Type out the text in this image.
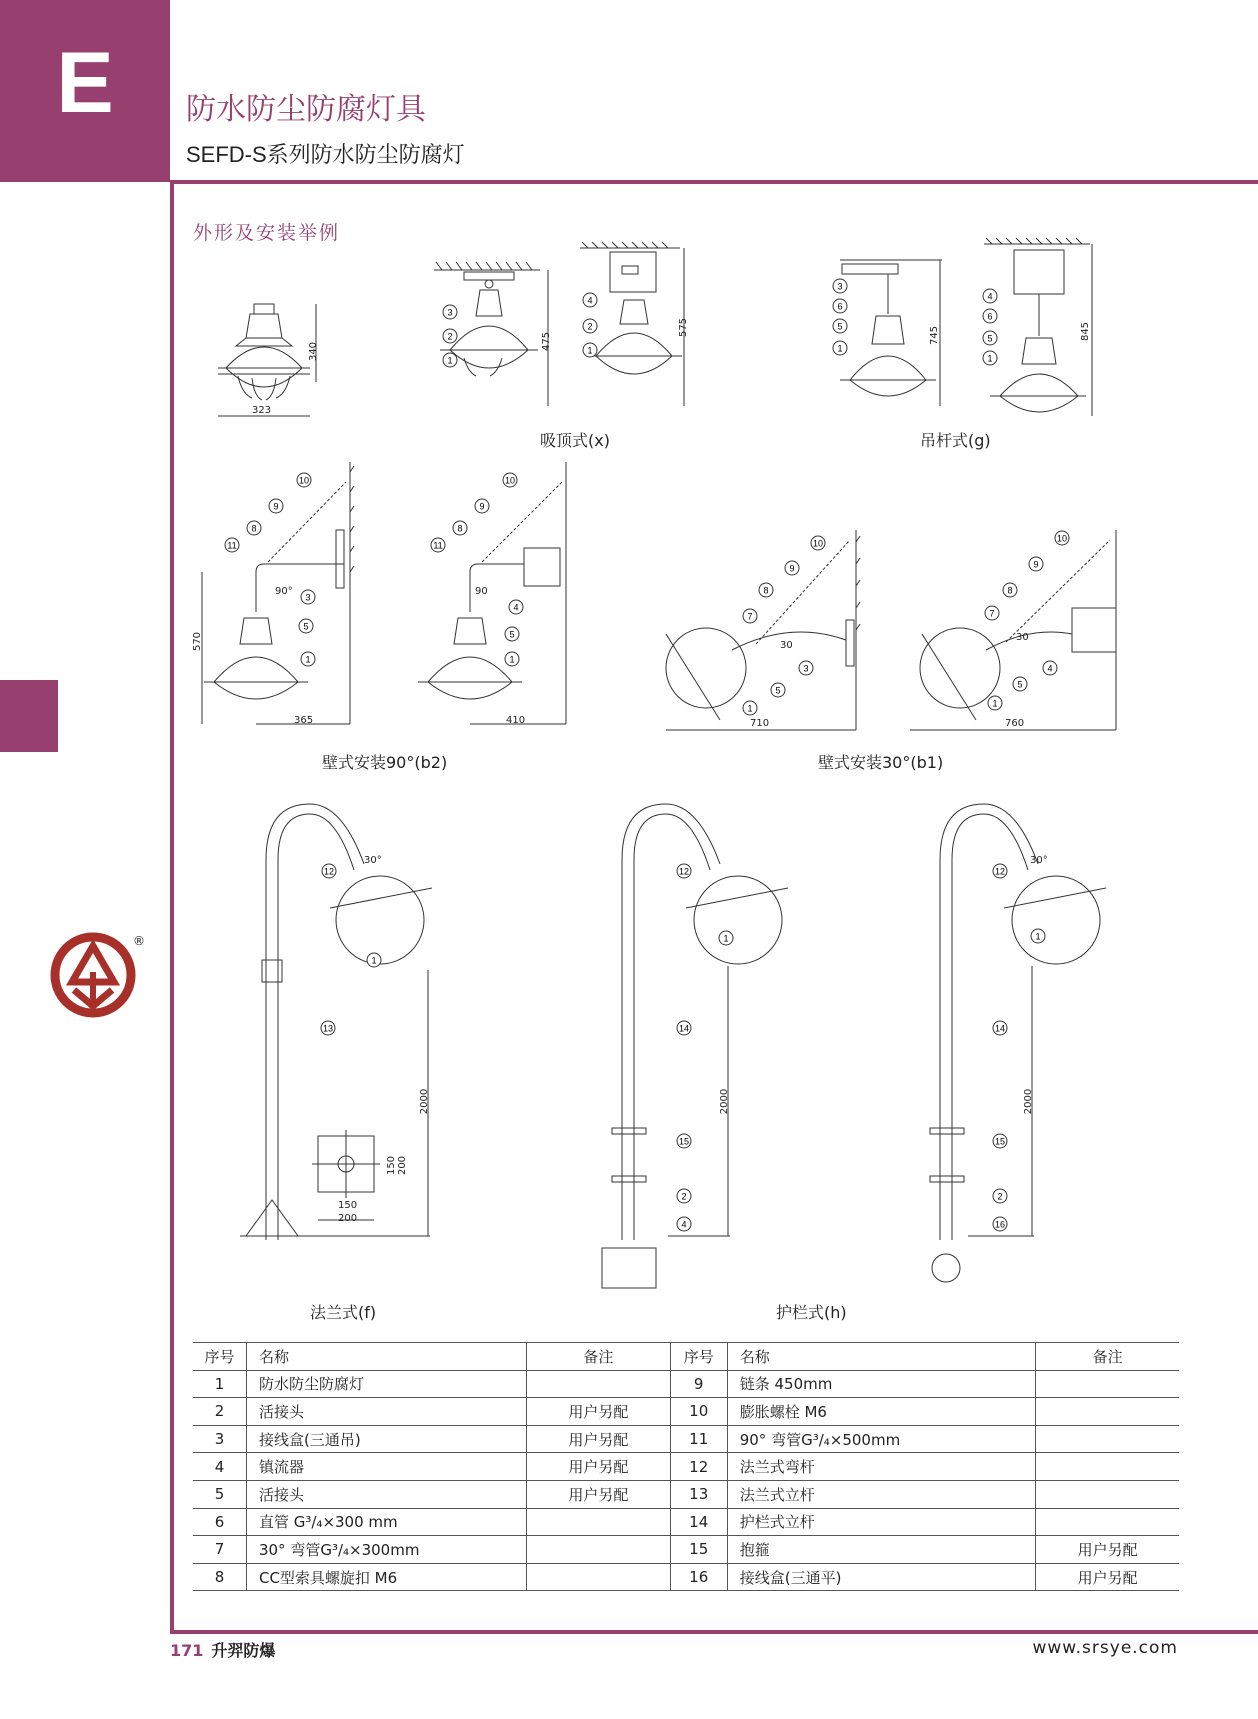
E	防水防尘防腐灯具
SEFD-S系列防水防尘防腐灯
外形及安装举例
®
340
323
475
575
吸顶式(x)
745	845
吊杆式(g)
570
365	410
90°	90
壁式安装90°(b2)
710	760
30
30
壁式安装30°(b1)
2000
30°
150
200
150 200
法兰式(f)
2000	2000
30°
护栏式(h)
1
2
3
1
2
4
1
5
6
3
1
5
6
4
10
9
8
11
3
5
1
10
9
8
11
4
5
1
10
9
8
7
5
3
1
10
9
8
7
5
4
1
12
1
13
12
1
14
15
2
4
12
1
14
15
2
16
序号	名称	备注	序号	名称	备注
1	防水防尘防腐灯		9	链条 450mm	
2	活接头	用户另配	10	膨胀螺栓 M6	
3	接线盒(三通吊)	用户另配	11	90° 弯管G³/₄×500mm	
4	镇流器	用户另配	12	法兰式弯杆	
5	活接头	用户另配	13	法兰式立杆	
6	直管 G³/₄×300 mm		14	护栏式立杆	
7	30° 弯管G³/₄×300mm		15	抱箍	用户另配
8	CC型索具螺旋扣 M6		16	接线盒(三通平)	用户另配
171 升羿防爆	www.srsye.com
